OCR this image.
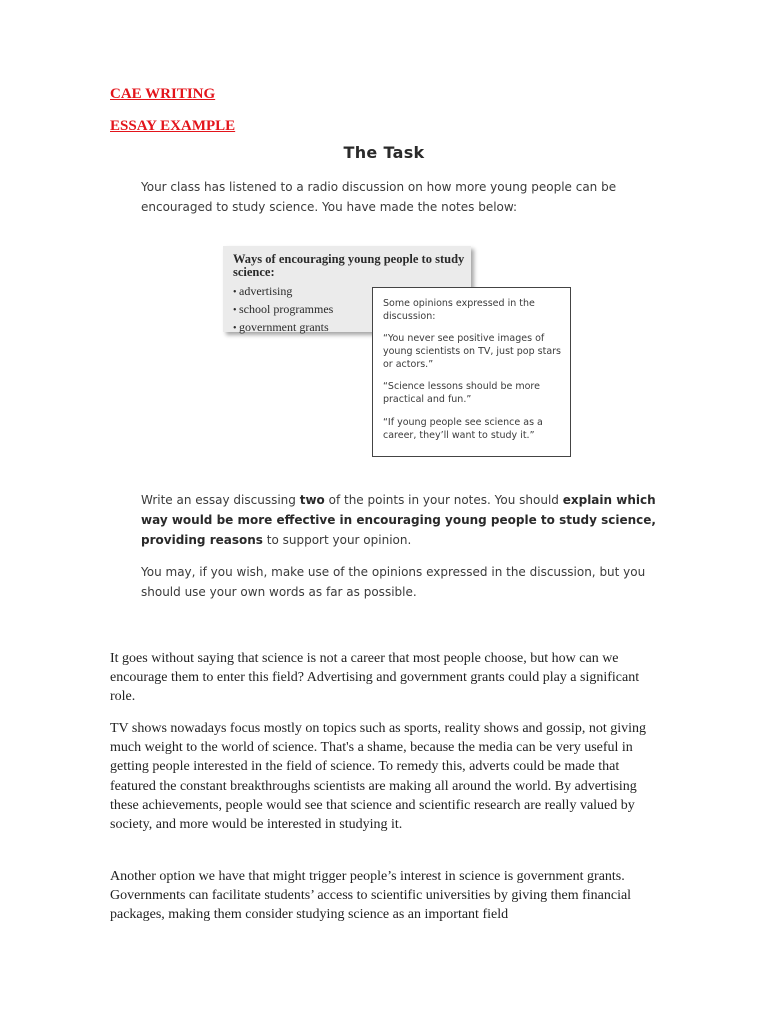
CAE WRITING

ESSAY EXAMPLE

The Task

Your class has listened to a radio discussion on how more young people can be encouraged to study science. You have made the notes below:

Ways of encouraging young people to study science:

• advertising
• school programmes
• government grants

Some opinions expressed in the discussion:

“You never see positive images of young scientists on TV, just pop stars or actors.”

“Science lessons should be more practical and fun.”

“If young people see science as a career, they’ll want to study it.”

Write an essay discussing two of the points in your notes. You should explain which way would be more effective in encouraging young people to study science, providing reasons to support your opinion.

You may, if you wish, make use of the opinions expressed in the discussion, but you should use your own words as far as possible.

It goes without saying that science is not a career that most people choose, but how can we encourage them to enter this field? Advertising and government grants could play a significant role.

TV shows nowadays focus mostly on topics such as sports, reality shows and gossip, not giving much weight to the world of science. That's a shame, because the media can be very useful in getting people interested in the field of science. To remedy this, adverts could be made that featured the constant breakthroughs scientists are making all around the world. By advertising these achievements, people would see that science and scientific research are really valued by society, and more would be interested in studying it.

Another option we have that might trigger people’s interest in science is government grants. Governments can facilitate students’ access to scientific universities by giving them financial packages, making them consider studying science as an important field
